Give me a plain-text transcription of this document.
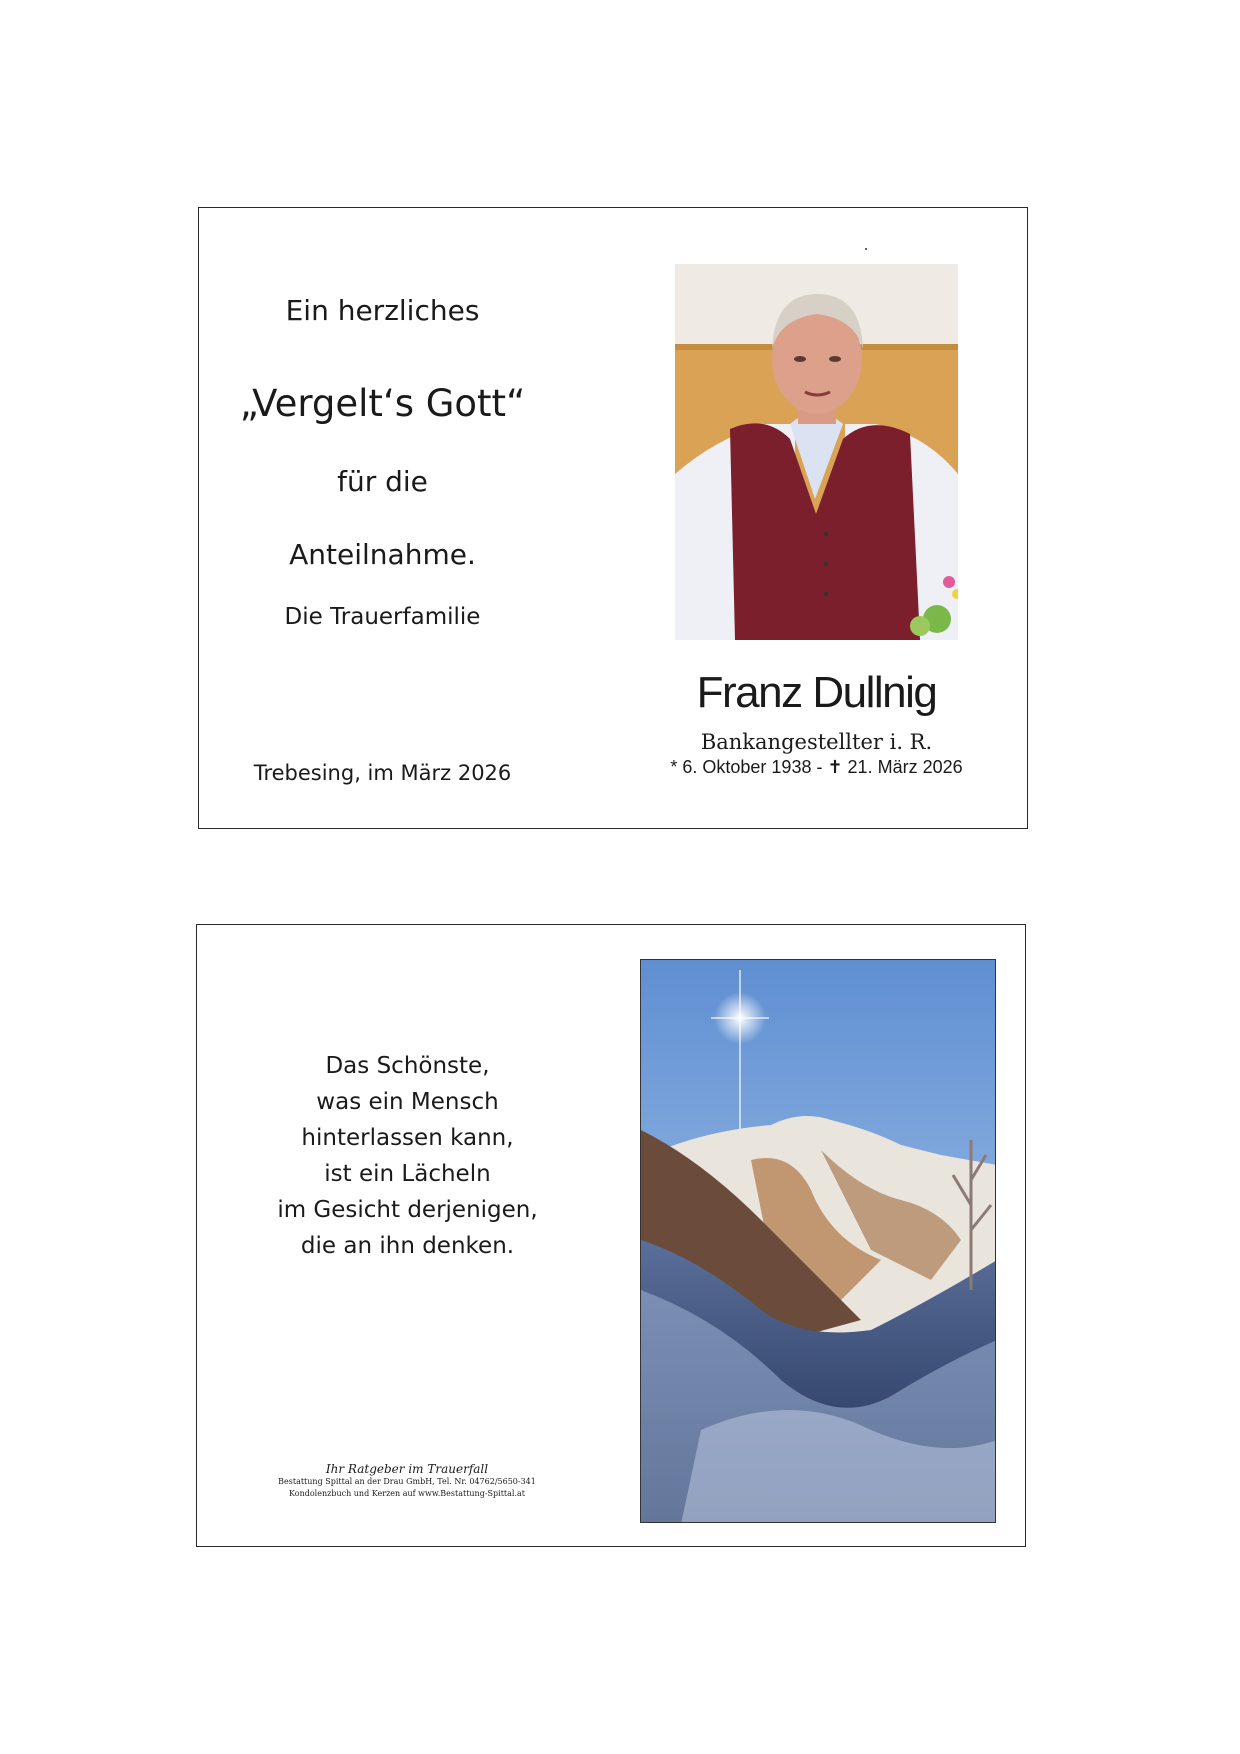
Ein herzliches
„Vergelt‘s Gott“
für die
Anteilnahme.
Die Trauerfamilie
Trebesing, im März 2026
Franz Dullnig
Bankangestellter i. R.
* 6. Oktober 1938 - ✝ 21. März 2026
Das Schönste,
was ein Mensch
hinterlassen kann,
ist ein Lächeln
im Gesicht derjenigen,
die an ihn denken.
Ihr Ratgeber im Trauerfall
Bestattung Spittal an der Drau GmbH, Tel. Nr. 04762/5650-341
Kondolenzbuch und Kerzen auf www.Bestattung-Spittal.at
